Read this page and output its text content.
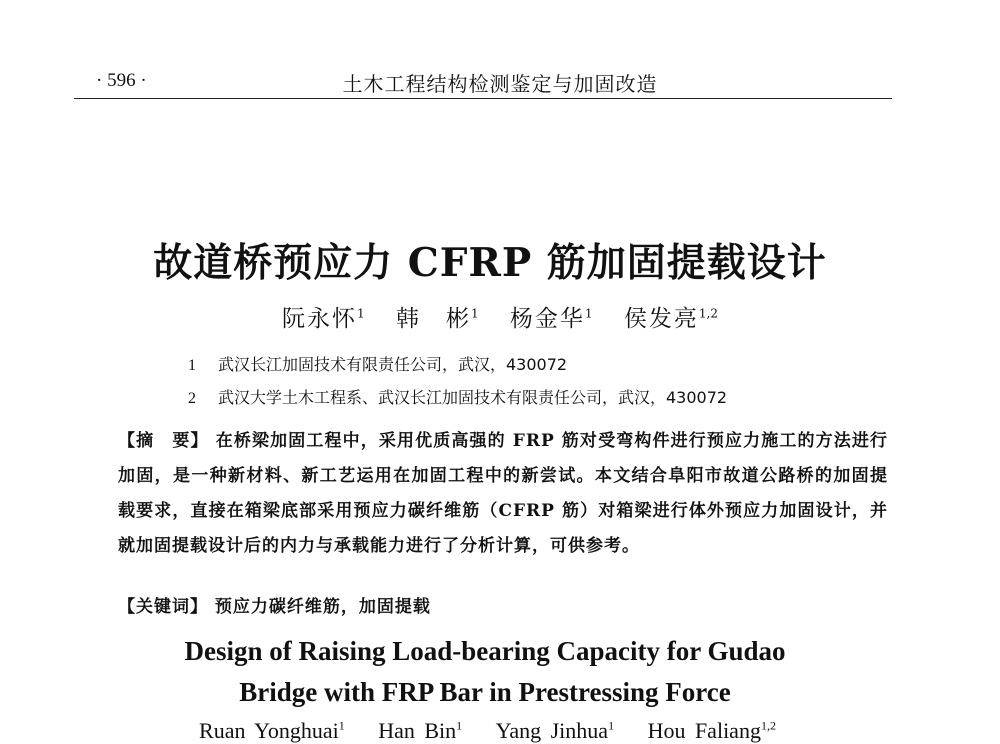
· 596 ·	土木工程结构检测鉴定与加固改造
故道桥预应力 CFRP 筋加固提载设计
阮永怀$^1$ 韩　彬$^1$ 杨金华$^1$ 侯发亮$^{1,2}$
1 武汉长江加固技术有限责任公司，武汉，430072
2 武汉大学土木工程系、武汉长江加固技术有限责任公司，武汉，430072
【摘　要】 在桥梁加固工程中，采用优质高强的 FRP 筋对受弯构件进行预应力施工的方法进行加固，是一种新材料、新工艺运用在加固工程中的新尝试。本文结合阜阳市故道公路桥的加固提载要求，直接在箱梁底部采用预应力碳纤维筋（CFRP 筋）对箱梁进行体外预应力加固设计，并就加固提载设计后的内力与承载能力进行了分析计算，可供参考。
【关键词】 预应力碳纤维筋，加固提载
Design of Raising Load-bearing Capacity for Gudao
Bridge with FRP Bar in Prestressing Force
Ruan Yonghuai$^1$ Han Bin$^1$ Yang Jinhua$^1$ Hou Faliang$^{1,2}$
